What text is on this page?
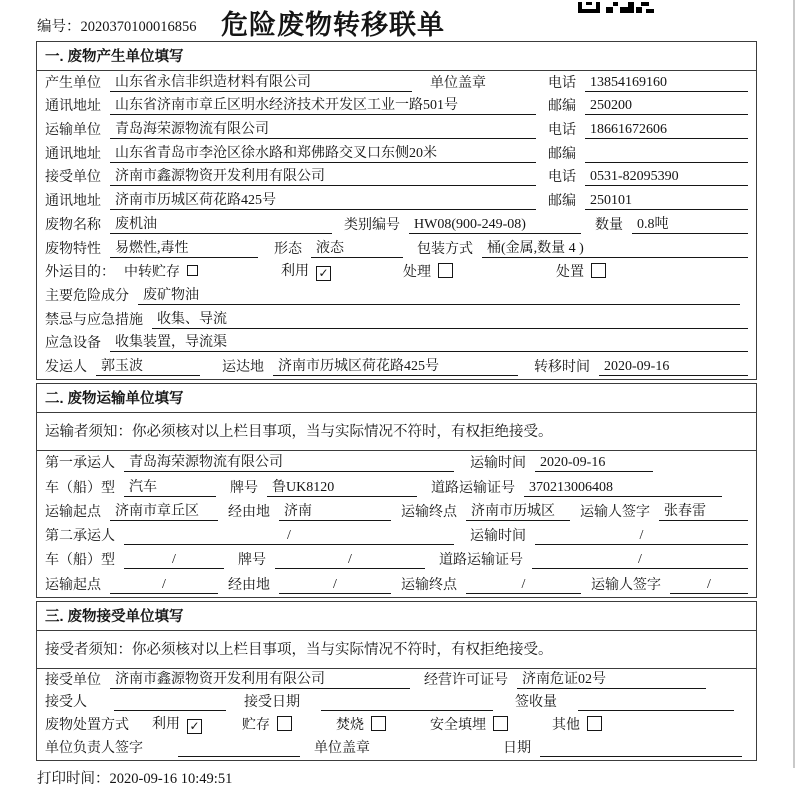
编号：2020370100016856 危险废物转移联单
一. 废物产生单位填写
产生单位	山东省永信非织造材料有限公司	单位盖章	电话	13854169160
通讯地址	山东省济南市章丘区明水经济技术开发区工业一路501号	邮编	250200
运输单位	青岛海荣源物流有限公司	电话	18661672606
通讯地址	山东省青岛市李沧区徐水路和郑佛路交叉口东侧20米	邮编
接受单位	济南市鑫源物资开发利用有限公司	电话	0531-82095390
通讯地址	济南市历城区荷花路425号	邮编	250101
废物名称	废机油	类别编号	HW08(900-249-08)	数量	0.8吨
废物特性	易燃性,毒性	形态	液态	包装方式	桶(金属,数量 4 )
外运目的： 中转贮存	利用 ✓	处理	处置
主要危险成分	废矿物油
禁忌与应急措施	收集、导流
应急设备	收集装置，导流渠
发运人	郭玉波	运达地	济南市历城区荷花路425号	转移时间	2020-09-16
二. 废物运输单位填写
运输者须知：你必须核对以上栏目事项，当与实际情况不符时，有权拒绝接受。
第一承运人	青岛海荣源物流有限公司	运输时间	2020-09-16
车（船）型	汽车	牌号	鲁UK8120	道路运输证号	370213006408
运输起点	济南市章丘区	经由地	济南	运输终点	济南市历城区	运输人签字	张春雷
第二承运人	/	运输时间	/
车（船）型	/	牌号	/	道路运输证号	/
运输起点	/	经由地	/	运输终点	/	运输人签字	/
三. 废物接受单位填写
接受者须知：你必须核对以上栏目事项，当与实际情况不符时，有权拒绝接受。
接受单位	济南市鑫源物资开发利用有限公司	经营许可证号	济南危证02号
接受人	接受日期	签收量
废物处置方式	利用 ✓	贮存	焚烧	安全填埋	其他
单位负责人签字	单位盖章	日期
打印时间：2020-09-16 10:49:51
